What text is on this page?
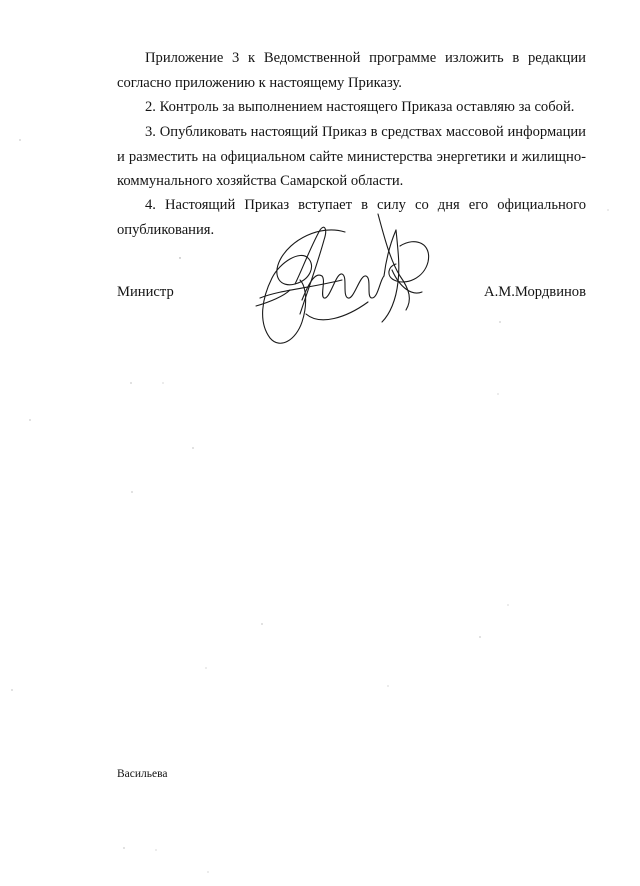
Приложение 3 к Ведомственной программе изложить в редакции согласно приложению к настоящему Приказу.

2. Контроль за выполнением настоящего Приказа оставляю за собой.

3. Опубликовать настоящий Приказ в средствах массовой информации и разместить на официальном сайте министерства энергетики и жилищно-коммунального хозяйства Самарской области.

4. Настоящий Приказ вступает в силу со дня его официального опубликования.

Министр	А.М.Мордвинов

Васильева
